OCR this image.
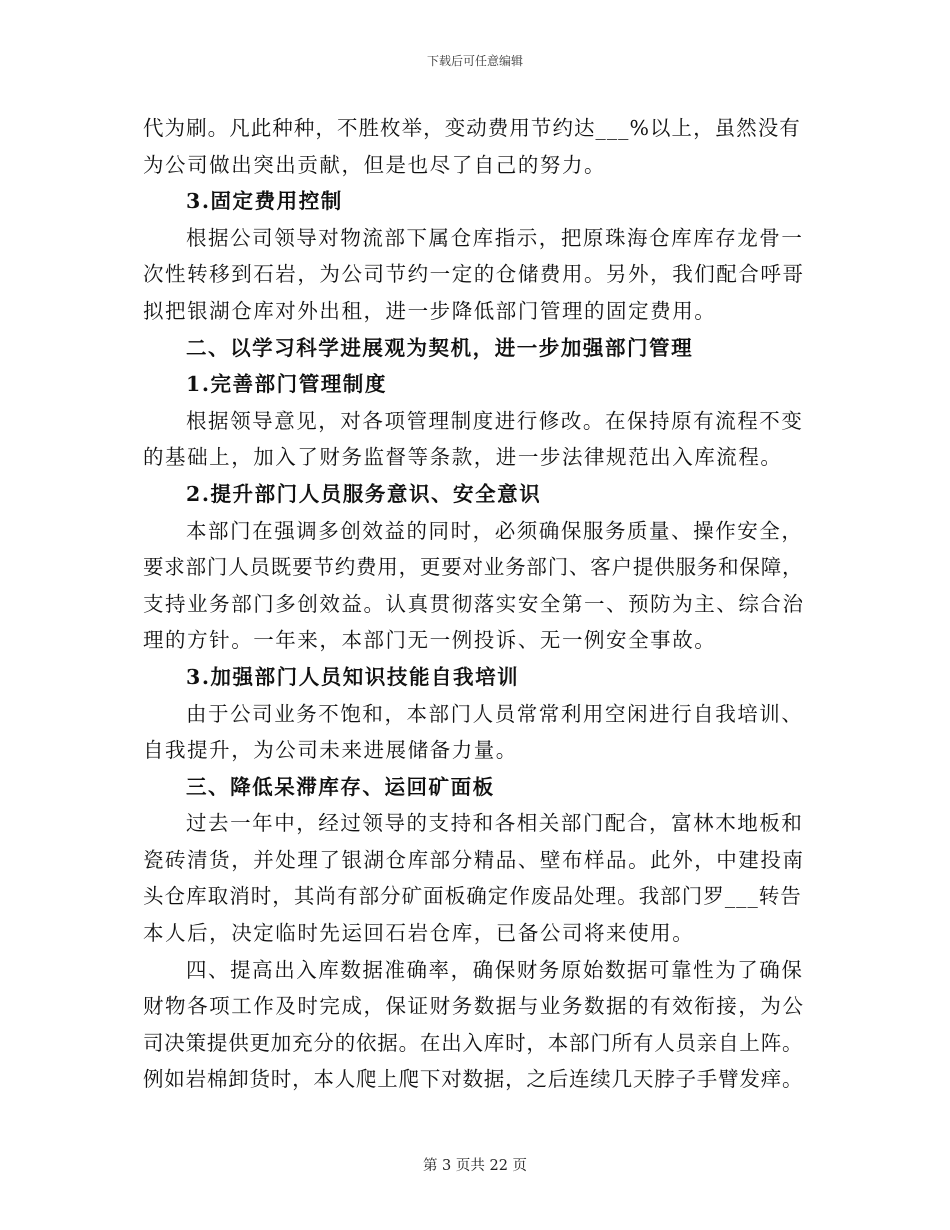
下载后可任意编辑
代为刷。凡此种种，不胜枚举，变动费用节约达___%以上，虽然没有
为公司做出突出贡献，但是也尽了自己的努力。
3.固定费用控制
根据公司领导对物流部下属仓库指示，把原珠海仓库库存龙骨一
次性转移到石岩，为公司节约一定的仓储费用。另外，我们配合呼哥
拟把银湖仓库对外出租，进一步降低部门管理的固定费用。
二、以学习科学进展观为契机，进一步加强部门管理
1.完善部门管理制度
根据领导意见，对各项管理制度进行修改。在保持原有流程不变
的基础上，加入了财务监督等条款，进一步法律规范出入库流程。
2.提升部门人员服务意识、安全意识
本部门在强调多创效益的同时，必须确保服务质量、操作安全，
要求部门人员既要节约费用，更要对业务部门、客户提供服务和保障，
支持业务部门多创效益。认真贯彻落实安全第一、预防为主、综合治
理的方针。一年来，本部门无一例投诉、无一例安全事故。
3.加强部门人员知识技能自我培训
由于公司业务不饱和，本部门人员常常利用空闲进行自我培训、
自我提升，为公司未来进展储备力量。
三、降低呆滞库存、运回矿面板
过去一年中，经过领导的支持和各相关部门配合，富林木地板和
瓷砖清货，并处理了银湖仓库部分精品、壁布样品。此外，中建投南
头仓库取消时，其尚有部分矿面板确定作废品处理。我部门罗___转告
本人后，决定临时先运回石岩仓库，已备公司将来使用。
四、提高出入库数据准确率，确保财务原始数据可靠性为了确保
财物各项工作及时完成，保证财务数据与业务数据的有效衔接，为公
司决策提供更加充分的依据。在出入库时，本部门所有人员亲自上阵。
例如岩棉卸货时，本人爬上爬下对数据，之后连续几天脖子手臂发痒。
第 3 页共 22 页
